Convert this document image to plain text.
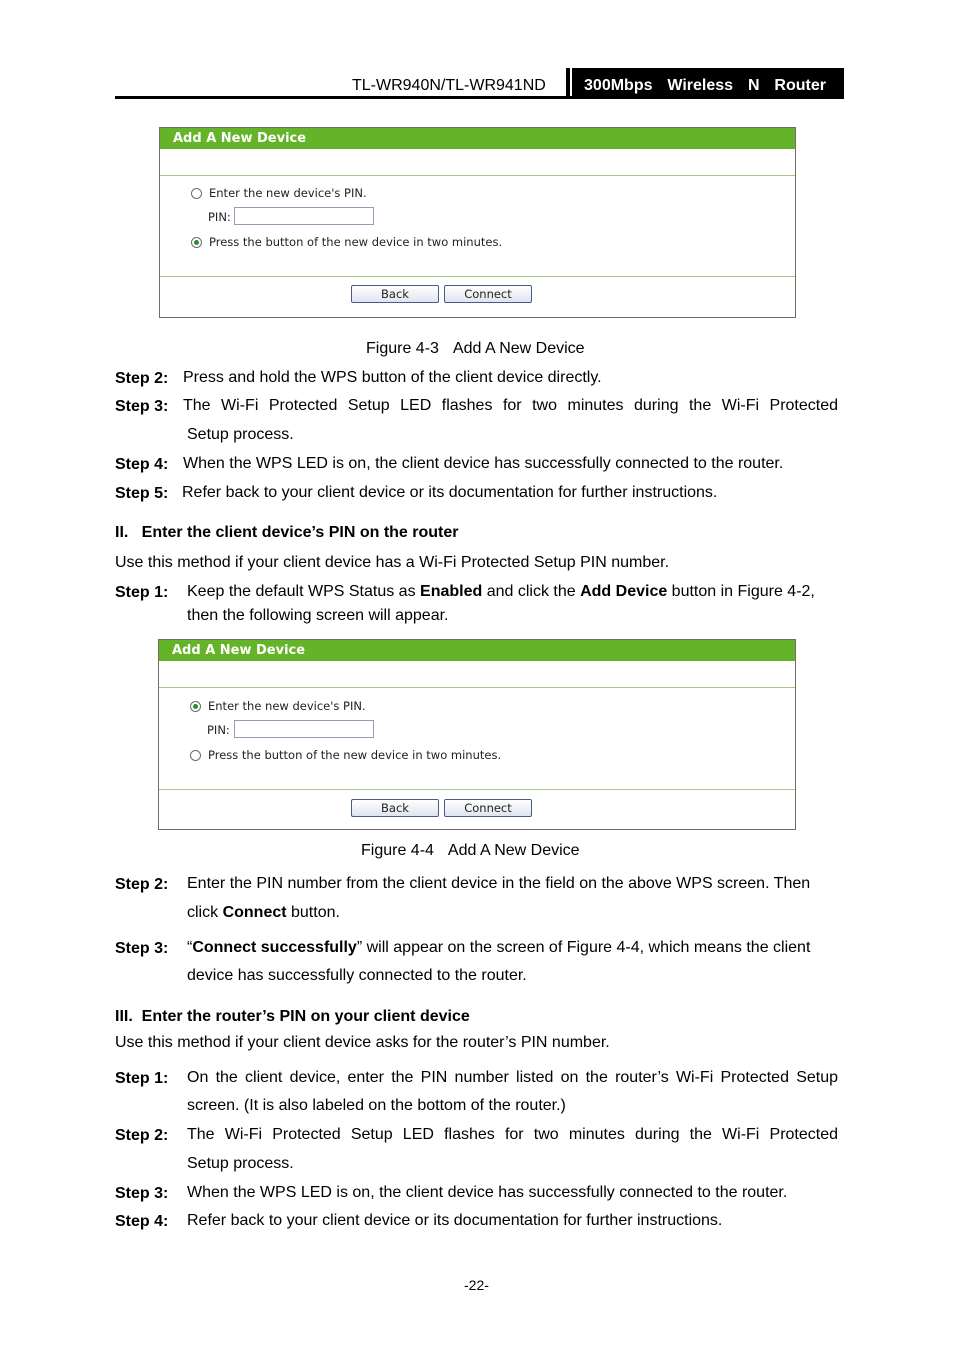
TL-WR940N/TL-WR941ND	300Mbps  Wireless  N  Router
Add A New Device
Enter the new device's PIN.
PIN:
Press the button of the new device in two minutes.
Back	Connect
Figure 4-3 Add A New Device
Step 2: Press and hold the WPS button of the client device directly.
Step 3: The Wi-Fi Protected Setup LED flashes for two minutes during the Wi-Fi Protected
Setup process.
Step 4: When the WPS LED is on, the client device has successfully connected to the router.
Step 5: Refer back to your client device or its documentation for further instructions.
II.   Enter the client device’s PIN on the router
Use this method if your client device has a Wi-Fi Protected Setup PIN number.
Step 1: Keep the default WPS Status as Enabled and click the Add Device button in Figure 4-2,
then the following screen will appear.
Add A New Device
Enter the new device's PIN.
PIN:
Press the button of the new device in two minutes.
Back	Connect
Figure 4-4 Add A New Device
Step 2: Enter the PIN number from the client device in the field on the above WPS screen. Then
click Connect button.
Step 3: “Connect successfully” will appear on the screen of Figure 4-4, which means the client
device has successfully connected to the router.
III.  Enter the router’s PIN on your client device
Use this method if your client device asks for the router’s PIN number.
Step 1: On the client device, enter the PIN number listed on the router’s Wi-Fi Protected Setup
screen. (It is also labeled on the bottom of the router.)
Step 2: The Wi-Fi Protected Setup LED flashes for two minutes during the Wi-Fi Protected
Setup process.
Step 3: When the WPS LED is on, the client device has successfully connected to the router.
Step 4: Refer back to your client device or its documentation for further instructions.
-22-
